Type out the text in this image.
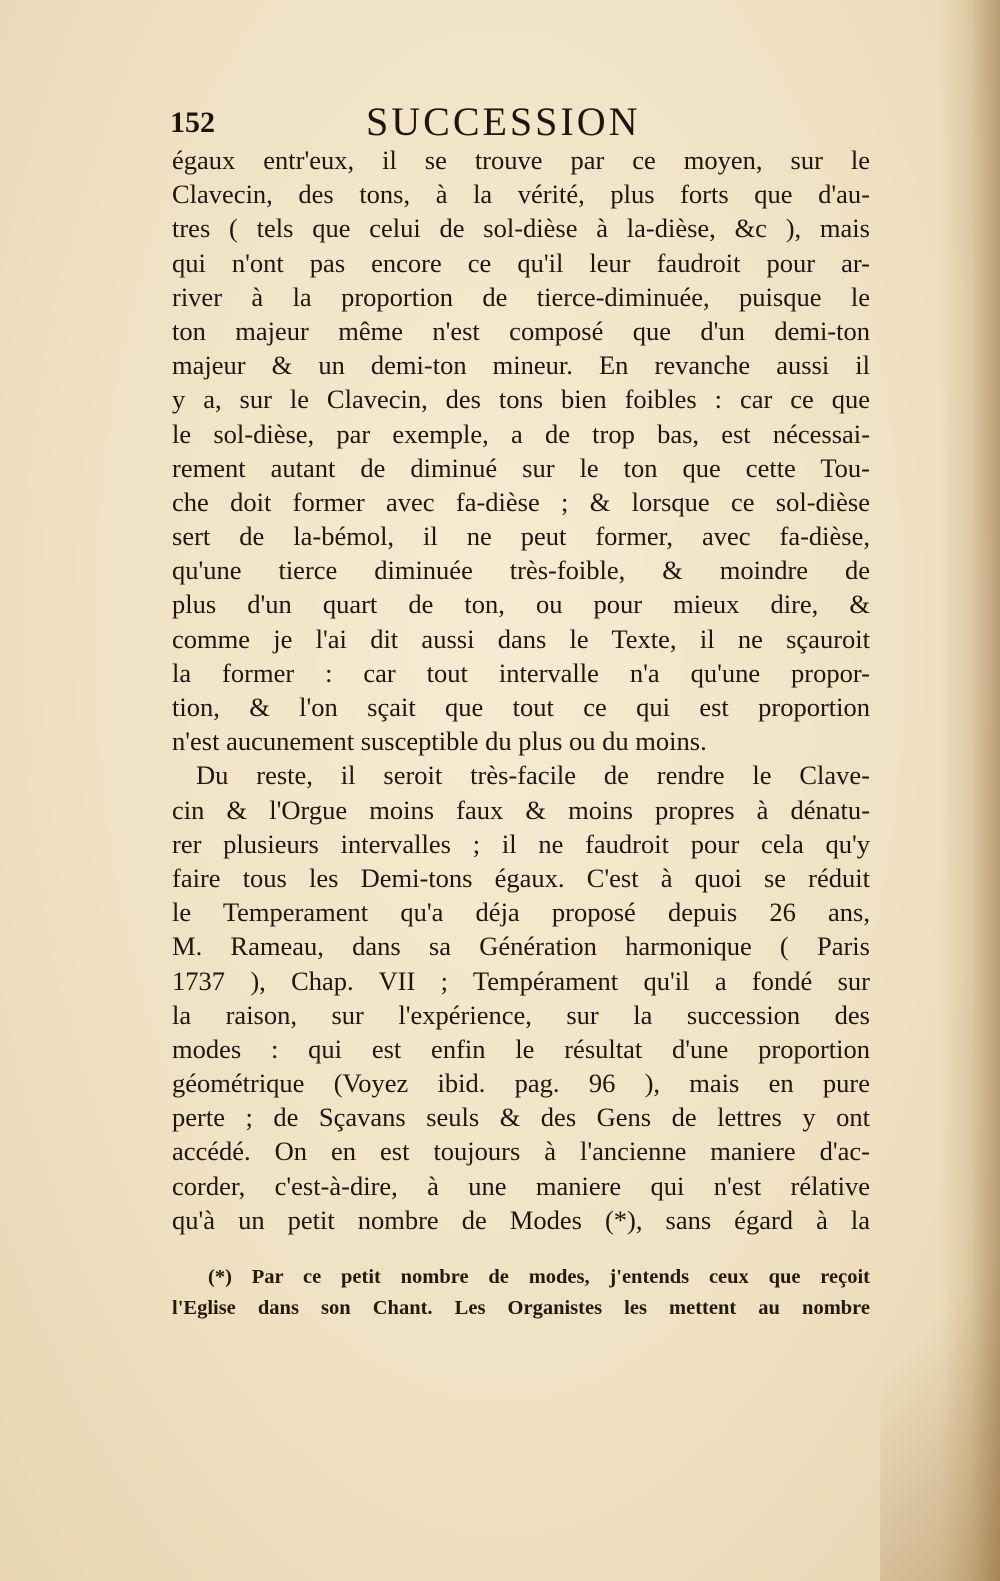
152	SUCCESSION
égaux entr'eux, il se trouve par ce moyen, sur le
Clavecin, des tons, à la vérité, plus forts que d'au-
tres ( tels que celui de sol-dièse à la-dièse, &c ), mais
qui n'ont pas encore ce qu'il leur faudroit pour ar-
river à la proportion de tierce-diminuée, puisque le
ton majeur même n'est composé que d'un demi-ton
majeur & un demi-ton mineur. En revanche aussi il
y a, sur le Clavecin, des tons bien foibles : car ce que
le sol-dièse, par exemple, a de trop bas, est nécessai-
rement autant de diminué sur le ton que cette Tou-
che doit former avec fa-dièse ; & lorsque ce sol-dièse
sert de la-bémol, il ne peut former, avec fa-dièse,
qu'une tierce diminuée très-foible, & moindre de
plus d'un quart de ton, ou pour mieux dire, &
comme je l'ai dit aussi dans le Texte, il ne sçauroit
la former : car tout intervalle n'a qu'une propor-
tion, & l'on sçait que tout ce qui est proportion
n'est aucunement susceptible du plus ou du moins.
Du reste, il seroit très-facile de rendre le Clave-
cin & l'Orgue moins faux & moins propres à dénatu-
rer plusieurs intervalles ; il ne faudroit pour cela qu'y
faire tous les Demi-tons égaux. C'est à quoi se réduit
le Temperament qu'a déja proposé depuis 26 ans,
M. Rameau, dans sa Génération harmonique ( Paris
1737 ), Chap. VII ; Tempérament qu'il a fondé sur
la raison, sur l'expérience, sur la succession des
modes : qui est enfin le résultat d'une proportion
géométrique (Voyez ibid. pag. 96 ), mais en pure
perte ; de Sçavans seuls & des Gens de lettres y ont
accédé. On en est toujours à l'ancienne maniere d'ac-
corder, c'est-à-dire, à une maniere qui n'est rélative
qu'à un petit nombre de Modes (*), sans égard à la
(*) Par ce petit nombre de modes, j'entends ceux que reçoit
l'Eglise dans son Chant. Les Organistes les mettent au nombre
